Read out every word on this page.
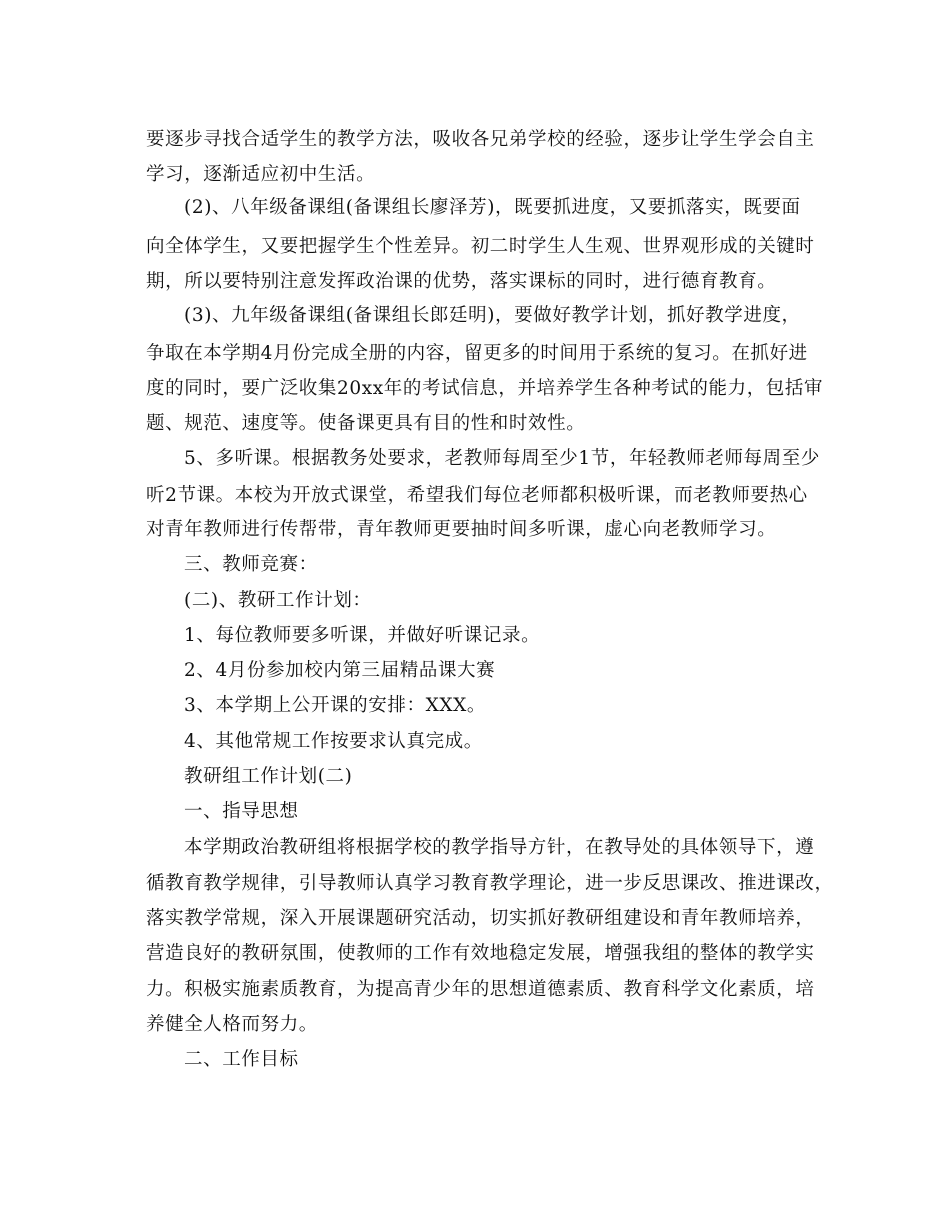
要逐步寻找合适学生的教学方法，吸收各兄弟学校的经验，逐步让学生学会自主
学习，逐渐适应初中生活。
(2)、八年级备课组(备课组长廖泽芳)，既要抓进度，又要抓落实，既要面
向全体学生，又要把握学生个性差异。初二时学生人生观、世界观形成的关键时
期，所以要特别注意发挥政治课的优势，落实课标的同时，进行德育教育。
(3)、九年级备课组(备课组长郎廷明)，要做好教学计划，抓好教学进度，
争取在本学期4月份完成全册的内容，留更多的时间用于系统的复习。在抓好进
度的同时，要广泛收集20xx年的考试信息，并培养学生各种考试的能力，包括审
题、规范、速度等。使备课更具有目的性和时效性。
5、多听课。根据教务处要求，老教师每周至少1节，年轻教师老师每周至少
听2节课。本校为开放式课堂，希望我们每位老师都积极听课，而老教师要热心
对青年教师进行传帮带，青年教师更要抽时间多听课，虚心向老教师学习。
三、教师竞赛：
(二)、教研工作计划：
1、每位教师要多听课，并做好听课记录。
2、4月份参加校内第三届精品课大赛
3、本学期上公开课的安排：XXX。
4、其他常规工作按要求认真完成。
教研组工作计划(二)
一、指导思想
本学期政治教研组将根据学校的教学指导方针，在教导处的具体领导下，遵
循教育教学规律，引导教师认真学习教育教学理论，进一步反思课改、推进课改，
落实教学常规，深入开展课题研究活动，切实抓好教研组建设和青年教师培养，
营造良好的教研氛围，使教师的工作有效地稳定发展，增强我组的整体的教学实
力。积极实施素质教育，为提高青少年的思想道德素质、教育科学文化素质，培
养健全人格而努力。
二、工作目标
